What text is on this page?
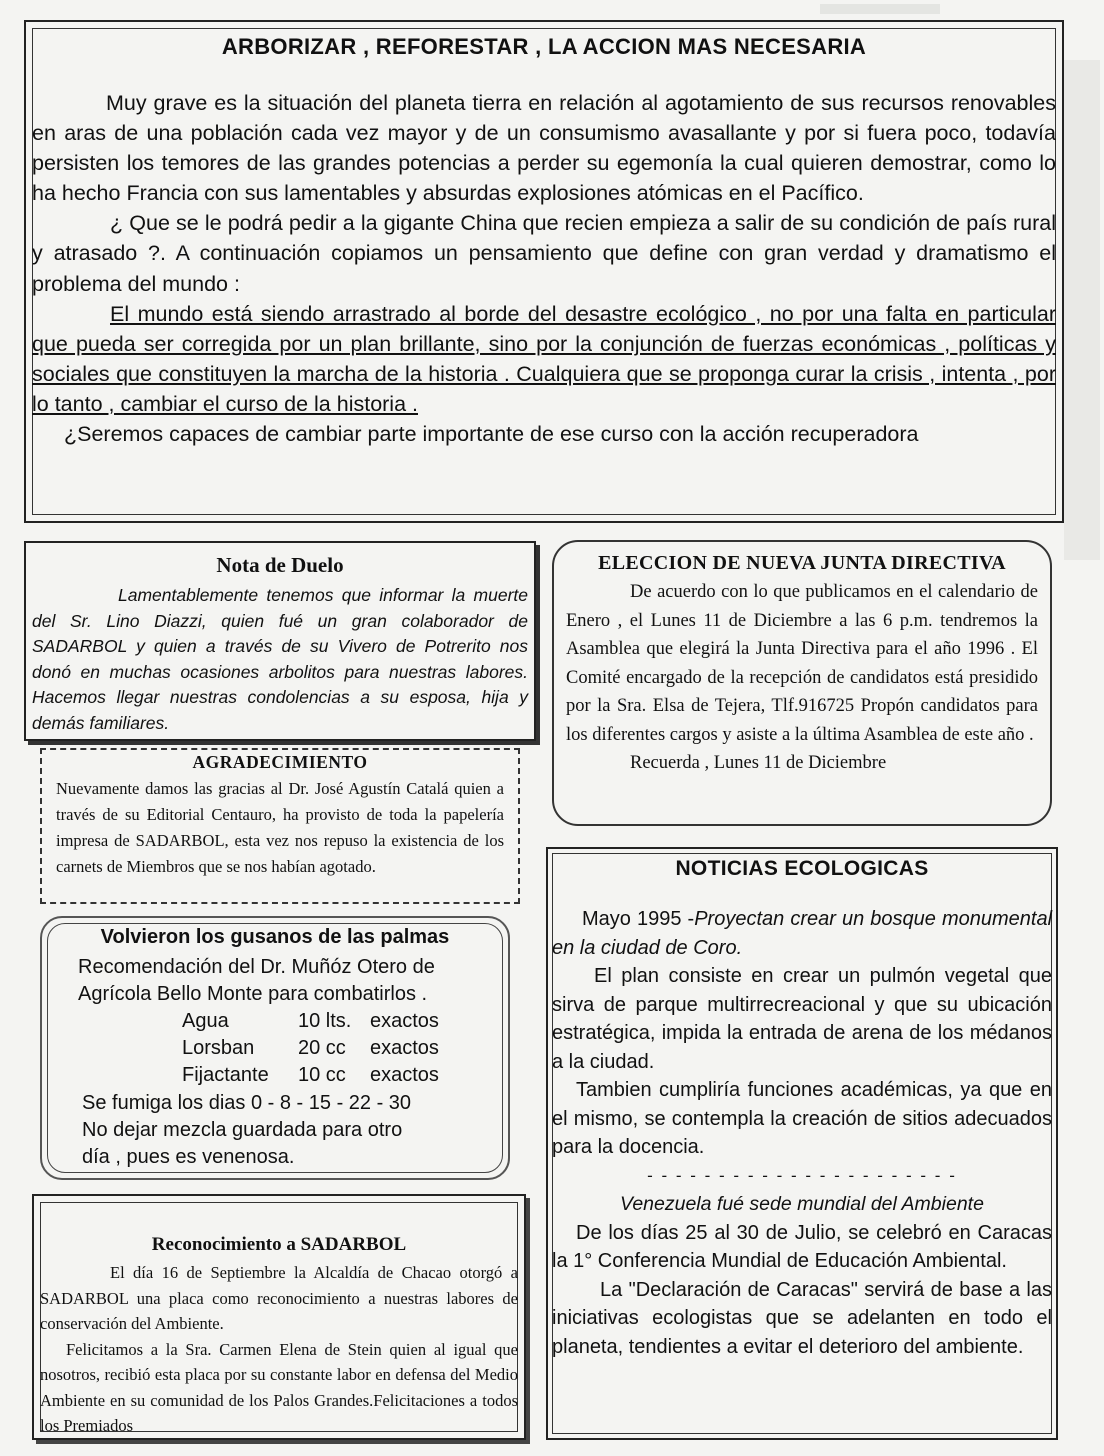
ARBORIZAR , REFORESTAR , LA ACCION MAS NECESARIA

Muy grave es la situación del planeta tierra en relación al agotamiento de sus recursos renovables en aras de una población cada vez mayor y de un consumismo avasallante y por si fuera poco, todavía persisten los temores de las grandes potencias a perder su egemonía la cual quieren demostrar, como lo ha hecho Francia con sus lamentables y absurdas explosiones atómicas en el Pacífico.

¿ Que se le podrá pedir a la gigante China que recien empieza a salir de su condición de país rural y atrasado ?. A continuación copiamos un pensamiento que define con gran verdad y dramatismo el problema del mundo :

El mundo está siendo arrastrado al borde del desastre ecológico , no por una falta en particular que pueda ser corregida por un plan brillante, sino por la conjunción de fuerzas económicas , políticas y sociales que constituyen la marcha de la historia . Cualquiera que se proponga curar la crisis , intenta , por lo tanto , cambiar el curso de la historia .

¿Seremos capaces de cambiar parte importante de ese curso con la acción recuperadora

Nota de Duelo

Lamentablemente tenemos que informar la muerte del Sr. Lino Diazzi, quien fué un gran colaborador de SADARBOL y quien a través de su Vivero de Potrerito nos donó en muchas ocasiones arbolitos para nuestras labores. Hacemos llegar nuestras condolencias a su esposa, hija y demás familiares.

AGRADECIMIENTO

Nuevamente damos las gracias al Dr. José Agustín Catalá quien a través de su Editorial Centauro, ha provisto de toda la papelería impresa de SADARBOL, esta vez nos repuso la existencia de los carnets de Miembros que se nos habían agotado.

Volvieron los gusanos de las palmas
Recomendación del Dr. Muñóz Otero de
Agrícola Bello Monte para combatirlos .
Agua	10 lts. exactos
Lorsban 20 cc exactos
Fijactante 10 cc exactos
Se fumiga los dias 0 - 8 - 15 - 22 - 30
No dejar mezcla guardada para otro
día , pues es venenosa.
Reconocimiento a SADARBOL

El día 16 de Septiembre la Alcaldía de Chacao otorgó a SADARBOL una placa como reconocimiento a nuestras labores de conservación del Ambiente.

Felicitamos a la Sra. Carmen Elena de Stein quien al igual que nosotros, recibió esta placa por su constante labor en defensa del Medio Ambiente en su comunidad de los Palos Grandes.Felicitaciones a todos los Premiados

ELECCION DE NUEVA JUNTA DIRECTIVA

De acuerdo con lo que publicamos en el calendario de Enero , el Lunes 11 de Diciembre a las 6 p.m. tendremos la Asamblea que elegirá la Junta Directiva para el año 1996 . El Comité encargado de la recepción de candidatos está presidido por la Sra. Elsa de Tejera, Tlf.916725 Propón candidatos para los diferentes cargos y asiste a la última Asamblea de este año .

Recuerda , Lunes 11 de Diciembre

NOTICIAS ECOLOGICAS

Mayo 1995 -Proyectan crear un bosque monumental en la ciudad de Coro.

El plan consiste en crear un pulmón vegetal que sirva de parque multirrecreacional y que su ubicación estratégica, impida la entrada de arena de los médanos a la ciudad.

Tambien cumpliría funciones académicas, ya que en el mismo, se contempla la creación de sitios adecuados para la docencia.

- - - - - - - - - - - - - - - - - - - - - -

Venezuela fué sede mundial del Ambiente

De los días 25 al 30 de Julio, se celebró en Caracas la 1° Conferencia Mundial de Educación Ambiental.

La "Declaración de Caracas" servirá de base a las iniciativas ecologistas que se adelanten en todo el planeta, tendientes a evitar el deterioro del ambiente.
